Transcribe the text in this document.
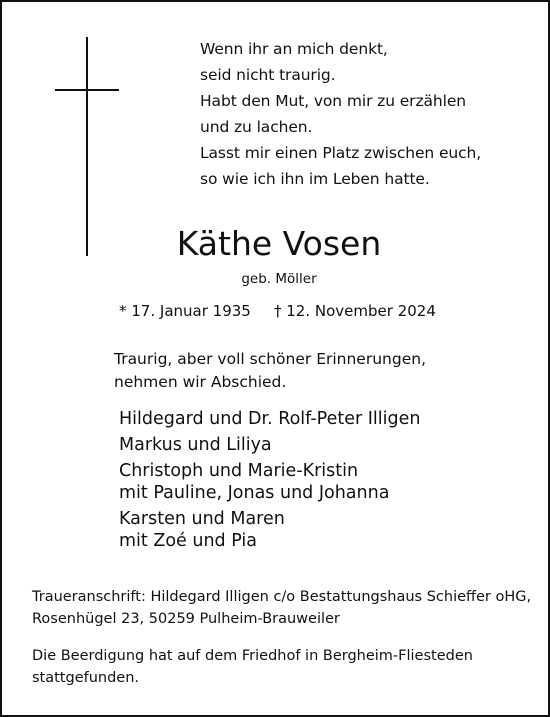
Wenn ihr an mich denkt,
seid nicht traurig.
Habt den Mut, von mir zu erzählen
und zu lachen.
Lasst mir einen Platz zwischen euch,
so wie ich ihn im Leben hatte.

Käthe Vosen
geb. Möller
* 17. Januar 1935 † 12. November 2024

Traurig, aber voll schöner Erinnerungen,
nehmen wir Abschied.

Hildegard und Dr. Rolf-Peter Illigen
Markus und Liliya
Christoph und Marie-Kristin
mit Pauline, Jonas und Johanna
Karsten und Maren
mit Zoé und Pia

Traueranschrift: Hildegard Illigen c/o Bestattungshaus Schieffer oHG,
Rosenhügel 23, 50259 Pulheim-Brauweiler

Die Beerdigung hat auf dem Friedhof in Bergheim-Fliesteden
stattgefunden.
